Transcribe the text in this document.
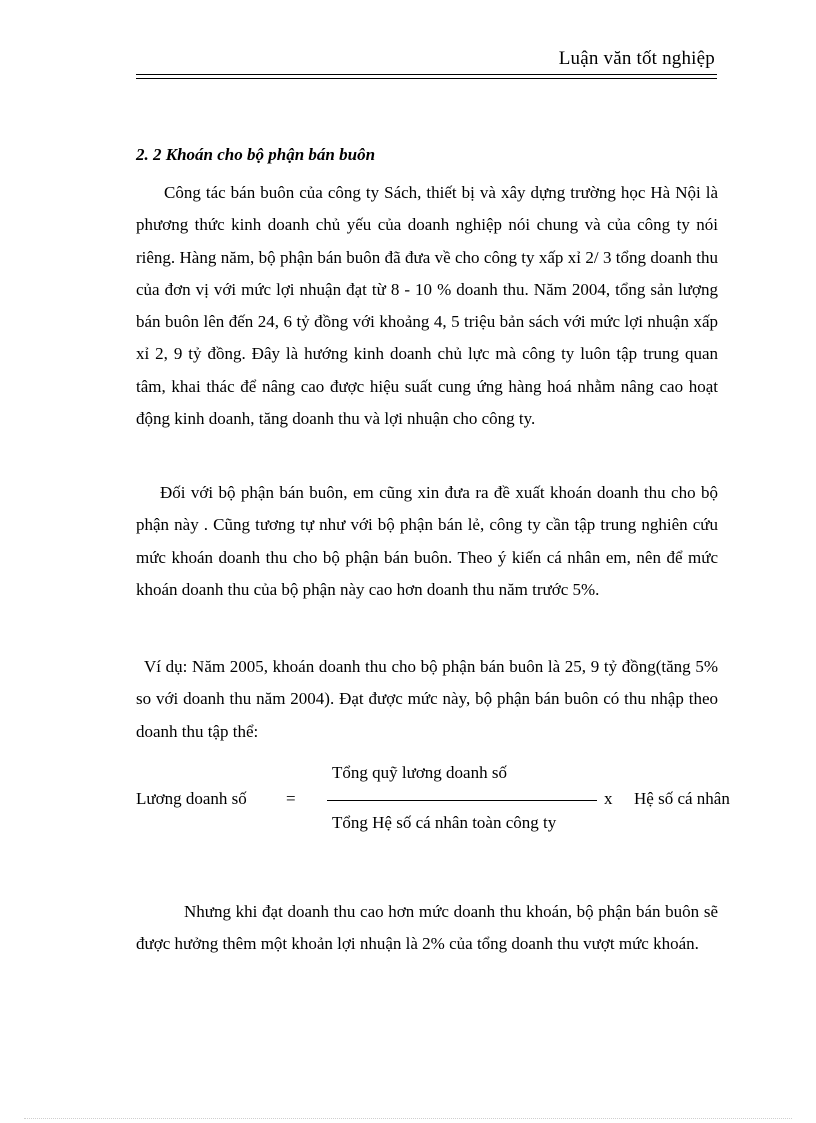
Luận văn tốt nghiệp
2. 2 Khoán cho bộ phận bán buôn

Công tác bán buôn của công ty Sách, thiết bị và xây dựng trường học Hà Nội là phương thức kinh doanh chủ yếu của doanh nghiệp nói chung và của công ty nói riêng. Hàng năm, bộ phận bán buôn đã đưa về cho công ty xấp xỉ 2/ 3 tổng doanh thu của đơn vị với mức lợi nhuận đạt từ 8 - 10 % doanh thu. Năm 2004, tổng sản lượng bán buôn lên đến 24, 6 tỷ đồng với khoảng 4, 5 triệu bản sách với mức lợi nhuận xấp xỉ 2, 9 tỷ đồng. Đây là hướng kinh doanh chủ lực mà công ty luôn tập trung quan tâm, khai thác để nâng cao được hiệu suất cung ứng hàng hoá nhằm nâng cao hoạt động kinh doanh, tăng doanh thu và lợi nhuận cho công ty.

Đối với bộ phận bán buôn, em cũng xin đưa ra đề xuất khoán doanh thu cho bộ phận này . Cũng tương tự như với bộ phận bán lẻ, công ty cần tập trung nghiên cứu mức khoán doanh thu cho bộ phận bán buôn. Theo ý kiến cá nhân em, nên để mức khoán doanh thu của bộ phận này cao hơn doanh thu năm trước 5%.

Ví dụ: Năm 2005, khoán doanh thu cho bộ phận bán buôn là 25, 9 tỷ đồng(tăng 5% so với doanh thu năm 2004). Đạt được mức này, bộ phận bán buôn có thu nhập theo doanh thu tập thể:

Lương doanh số =
Tổng quỹ lương doanh số
Tổng Hệ số cá nhân toàn công ty
x Hệ số cá nhân

Nhưng khi đạt doanh thu cao hơn mức doanh thu khoán, bộ phận bán buôn sẽ được hưởng thêm một khoản lợi nhuận là 2% của tổng doanh thu vượt mức khoán.
